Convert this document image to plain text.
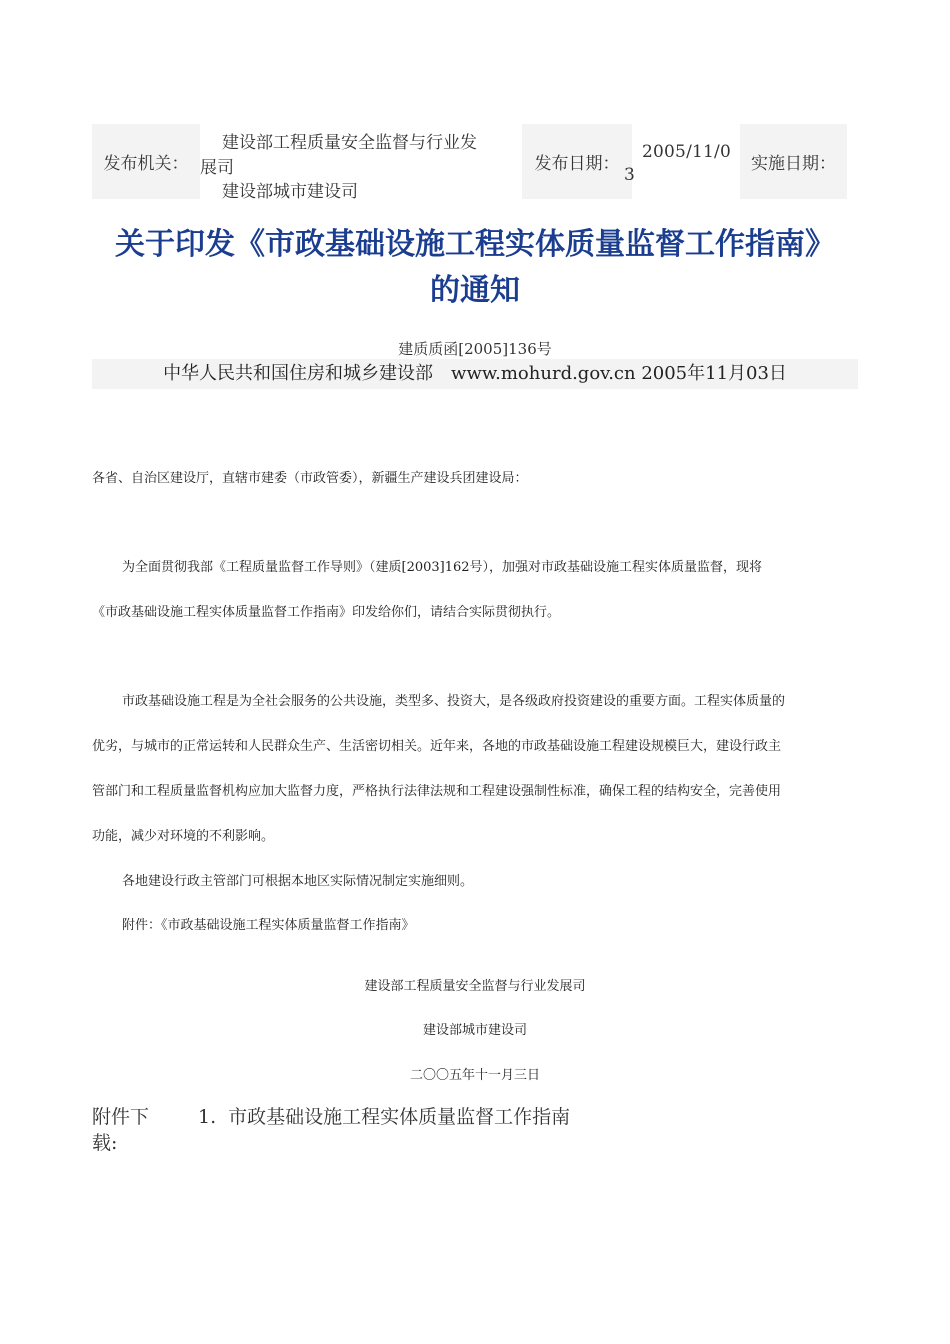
发布机关：
建设部工程质量安全监督与行业发
展司
建设部城市建设司
发布日期：
2005/11/0
3
实施日期：
关于印发《市政基础设施工程实体质量监督工作指南》
的通知
建质质函[2005]136号
中华人民共和国住房和城乡建设部　www.mohurd.gov.cn 2005年11月03日
各省、自治区建设厅，直辖市建委（市政管委），新疆生产建设兵团建设局：
为全面贯彻我部《工程质量监督工作导则》（建质[2003]162号），加强对市政基础设施工程实体质量监督，现将
《市政基础设施工程实体质量监督工作指南》印发给你们，请结合实际贯彻执行。
市政基础设施工程是为全社会服务的公共设施，类型多、投资大，是各级政府投资建设的重要方面。工程实体质量的
优劣，与城市的正常运转和人民群众生产、生活密切相关。近年来，各地的市政基础设施工程建设规模巨大，建设行政主
管部门和工程质量监督机构应加大监督力度，严格执行法律法规和工程建设强制性标准，确保工程的结构安全，完善使用
功能，减少对环境的不利影响。
各地建设行政主管部门可根据本地区实际情况制定实施细则。
附件：《市政基础设施工程实体质量监督工作指南》
建设部工程质量安全监督与行业发展司
建设部城市建设司
二〇〇五年十一月三日
附件下
载:
1. 市政基础设施工程实体质量监督工作指南
